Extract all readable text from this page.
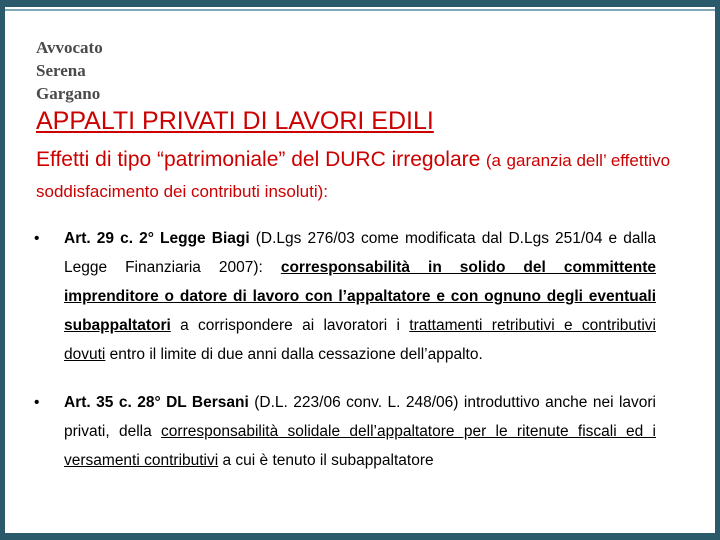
Avvocato
Serena
Gargano
APPALTI PRIVATI DI LAVORI EDILI
Effetti di tipo “patrimoniale” del DURC irregolare (a garanzia dell’ effettivo soddisfacimento dei contributi insoluti):
•	Art. 29 c. 2° Legge Biagi (D.Lgs 276/03 come modificata dal D.Lgs 251/04 e dalla Legge Finanziaria 2007): corresponsabilità in solido del committente imprenditore o datore di lavoro con l’appaltatore e con ognuno degli eventuali subappaltatori a corrispondere ai lavoratori i trattamenti retributivi e contributivi dovuti entro il limite di due anni dalla cessazione dell’appalto.
•	Art. 35 c. 28° DL Bersani (D.L. 223/06 conv. L. 248/06) introduttivo anche nei lavori privati, della corresponsabilità solidale dell’appaltatore per le ritenute fiscali ed i versamenti contributivi a cui è tenuto il subappaltatore
